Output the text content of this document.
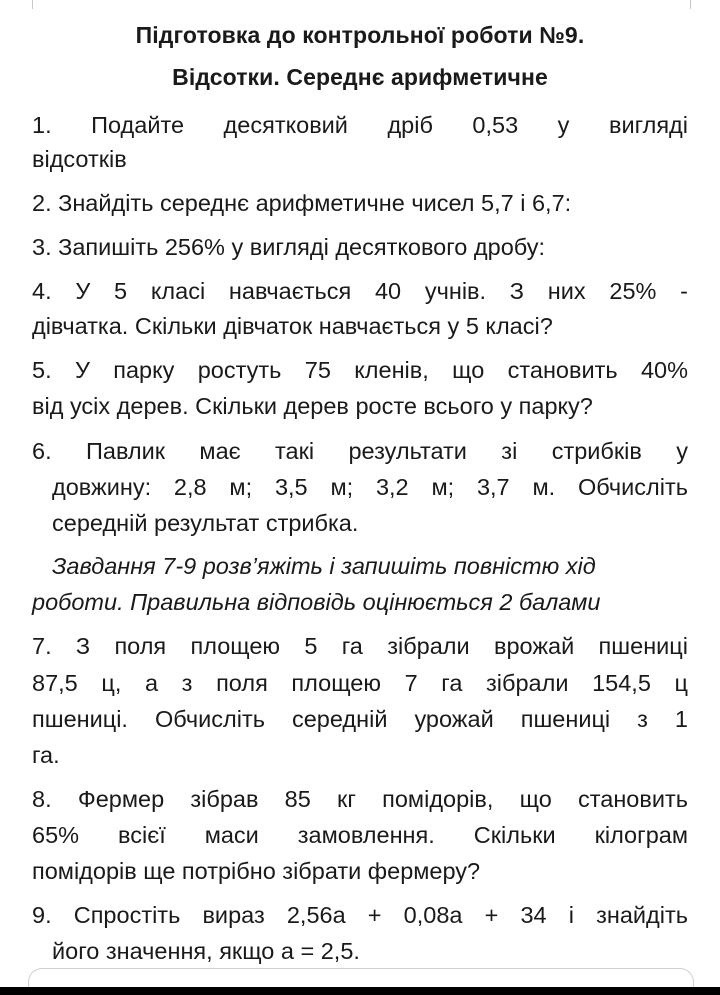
Підготовка до контрольної роботи №9.
Відсотки. Середнє арифметичне
1. Подайте десятковий дріб 0,53 у вигляді
відсотків
2. Знайдіть середнє арифметичне чисел 5,7 і 6,7:
3. Запишіть 256% у вигляді десяткового дробу:
4. У 5 класі навчається 40 учнів. З них 25% -
дівчатка. Скільки дівчаток навчається у 5 класі?
5. У парку ростуть 75 кленів, що становить 40%
від усіх дерев. Скільки дерев росте всього у парку?
6. Павлик має такі результати зі стрибків у
довжину: 2,8 м; 3,5 м; 3,2 м; 3,7 м. Обчисліть
середній результат стрибка.
Завдання 7-9 розв’яжіть і запишіть повністю хід
роботи. Правильна відповідь оцінюється 2 балами
7. З поля площею 5 га зібрали врожай пшениці
87,5 ц, а з поля площею 7 га зібрали 154,5 ц
пшениці. Обчисліть середній урожай пшениці з 1
га.
8. Фермер зібрав 85 кг помідорів, що становить
65% всієї маси замовлення. Скільки кілограм
помідорів ще потрібно зібрати фермеру?
9. Спростіть вираз 2,56а + 0,08а + 34 і знайдіть
його значення, якщо а = 2,5.
